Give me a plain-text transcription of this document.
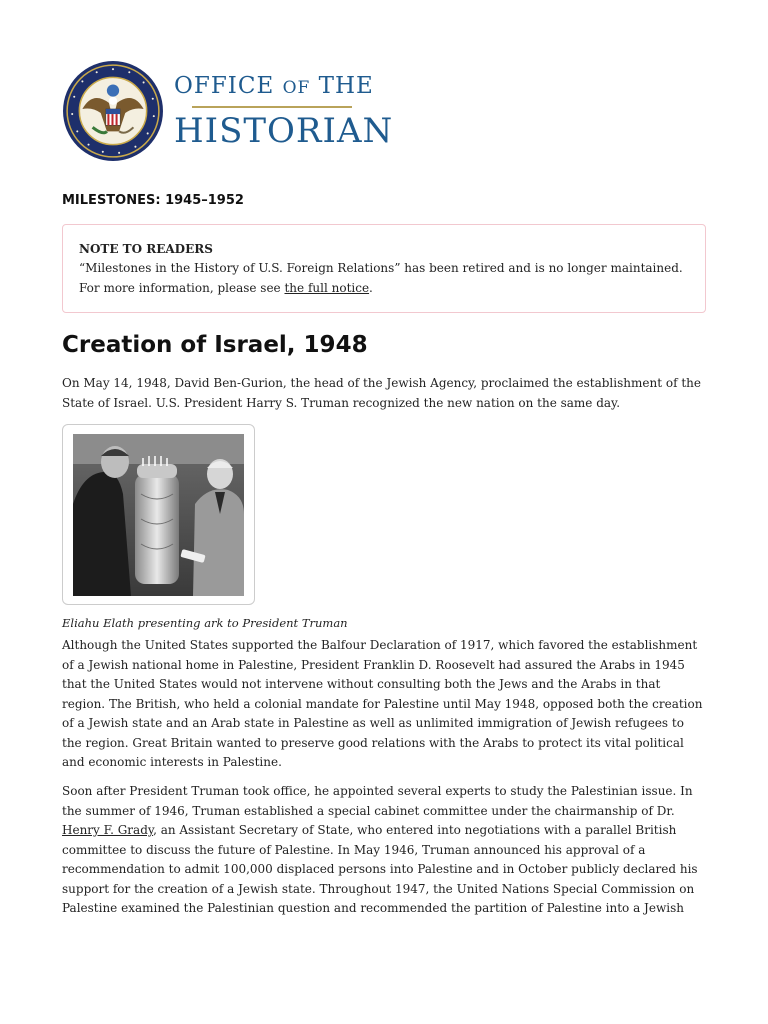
OFFICE OF THE
HISTORIAN
MILESTONES: 1945–1952
NOTE TO READERS
“Milestones in the History of U.S. Foreign Relations” has been retired and is no longer maintained.
For more information, please see the full notice.
Creation of Israel, 1948
On May 14, 1948, David Ben-Gurion, the head of the Jewish Agency, proclaimed the establishment of the State of Israel. U.S. President Harry S. Truman recognized the new nation on the same day.
Eliahu Elath presenting ark to President Truman
Although the United States supported the Balfour Declaration of 1917, which favored the establishment of a Jewish national home in Palestine, President Franklin D. Roosevelt had assured the Arabs in 1945 that the United States would not intervene without consulting both the Jews and the Arabs in that region. The British, who held a colonial mandate for Palestine until May 1948, opposed both the creation of a Jewish state and an Arab state in Palestine as well as unlimited immigration of Jewish refugees to the region. Great Britain wanted to preserve good relations with the Arabs to protect its vital political and economic interests in Palestine.
Soon after President Truman took office, he appointed several experts to study the Palestinian issue. In the summer of 1946, Truman established a special cabinet committee under the chairmanship of Dr. Henry F. Grady, an Assistant Secretary of State, who entered into negotiations with a parallel British committee to discuss the future of Palestine. In May 1946, Truman announced his approval of a recommendation to admit 100,000 displaced persons into Palestine and in October publicly declared his support for the creation of a Jewish state. Throughout 1947, the United Nations Special Commission on Palestine examined the Palestinian question and recommended the partition of Palestine into a Jewish
